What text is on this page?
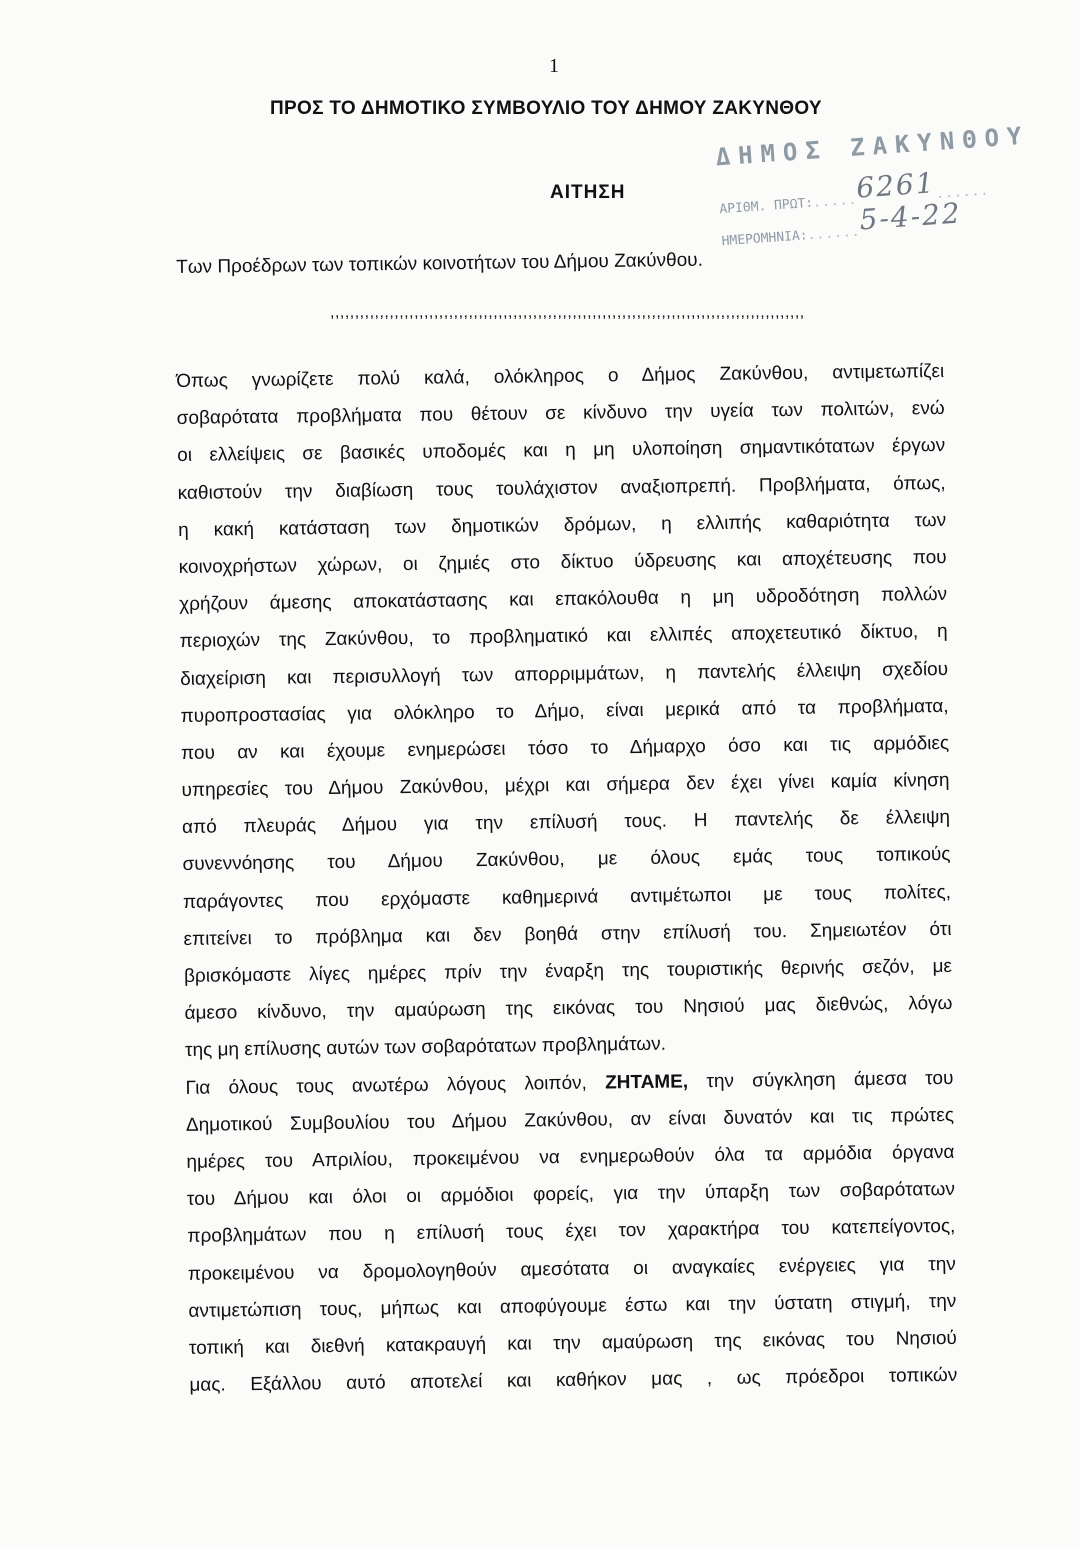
1
ΠΡΟΣ ΤΟ ΔΗΜΟΤΙΚΟ ΣΥΜΒΟΥΛΙΟ ΤΟΥ ΔΗΜΟΥ ΖΑΚΥΝΘΟΥ
ΑΙΤΗΣΗ
ΔΗΜΟΣ ΖΑΚΥΝΘΟΥ
ΑΡΙΘΜ. ΠΡΩΤ:.....6261......
ΗΜΕΡΟΜΗΝΙΑ:......5-4-22
Των Προέδρων των τοπικών κοινοτήτων του Δήμου Ζακύνθου.
,,,,,,,,,,,,,,,,,,,,,,,,,,,,,,,,,,,,,,,,,,,,,,,,,,,,,,,,,,,,,,,,,,,,,,,,,,,,,,,,,,,,,,,,,,,,,,,,
Όπως γνωρίζετε πολύ καλά, ολόκληρος ο Δήμος Ζακύνθου, αντιμετωπίζει
σοβαρότατα προβλήματα που θέτουν σε κίνδυνο την υγεία των πολιτών, ενώ
οι ελλείψεις σε βασικές υποδομές και η μη υλοποίηση σημαντικότατων έργων
καθιστούν την διαβίωση τους τουλάχιστον αναξιοπρεπή. Προβλήματα, όπως,
η κακή κατάσταση των δημοτικών δρόμων, η ελλιπής καθαριότητα των
κοινοχρήστων χώρων, οι ζημιές στο δίκτυο ύδρευσης και αποχέτευσης που
χρήζουν άμεσης αποκατάστασης και επακόλουθα η μη υδροδότηση πολλών
περιοχών της Ζακύνθου, το προβληματικό και ελλιπές αποχετευτικό δίκτυο, η
διαχείριση και περισυλλογή των απορριμμάτων, η παντελής έλλειψη σχεδίου
πυροπροστασίας για ολόκληρο το Δήμο, είναι μερικά από τα προβλήματα,
που αν και έχουμε ενημερώσει τόσο το Δήμαρχο όσο και τις αρμόδιες
υπηρεσίες του Δήμου Ζακύνθου, μέχρι και σήμερα δεν έχει γίνει καμία κίνηση
από πλευράς Δήμου για την επίλυσή τους. Η παντελής δε έλλειψη
συνεννόησης του Δήμου Ζακύνθου, με όλους εμάς τους τοπικούς
παράγοντες που ερχόμαστε καθημερινά αντιμέτωποι με τους πολίτες,
επιτείνει το πρόβλημα και δεν βοηθά στην επίλυσή του. Σημειωτέον ότι
βρισκόμαστε λίγες ημέρες πρίν την έναρξη της τουριστικής θερινής σεζόν, με
άμεσο κίνδυνο, την αμαύρωση της εικόνας του Νησιού μας διεθνώς, λόγω
της μη επίλυσης αυτών των σοβαρότατων προβλημάτων.
Για όλους τους ανωτέρω λόγους λοιπόν, ΖΗΤΑΜΕ, την σύγκληση άμεσα του
Δημοτικού Συμβουλίου του Δήμου Ζακύνθου, αν είναι δυνατόν και τις πρώτες
ημέρες του Απριλίου, προκειμένου να ενημερωθούν όλα τα αρμόδια όργανα
του Δήμου και όλοι οι αρμόδιοι φορείς, για την ύπαρξη των σοβαρότατων
προβλημάτων που η επίλυσή τους έχει τον χαρακτήρα του κατεπείγοντος,
προκειμένου να δρομολογηθούν αμεσότατα οι αναγκαίες ενέργειες για την
αντιμετώπιση τους, μήπως και αποφύγουμε έστω και την ύστατη στιγμή, την
τοπική και διεθνή κατακραυγή και την αμαύρωση της εικόνας του Νησιού
μας. Εξάλλου αυτό αποτελεί και καθήκον μας , ως πρόεδροι τοπικών
